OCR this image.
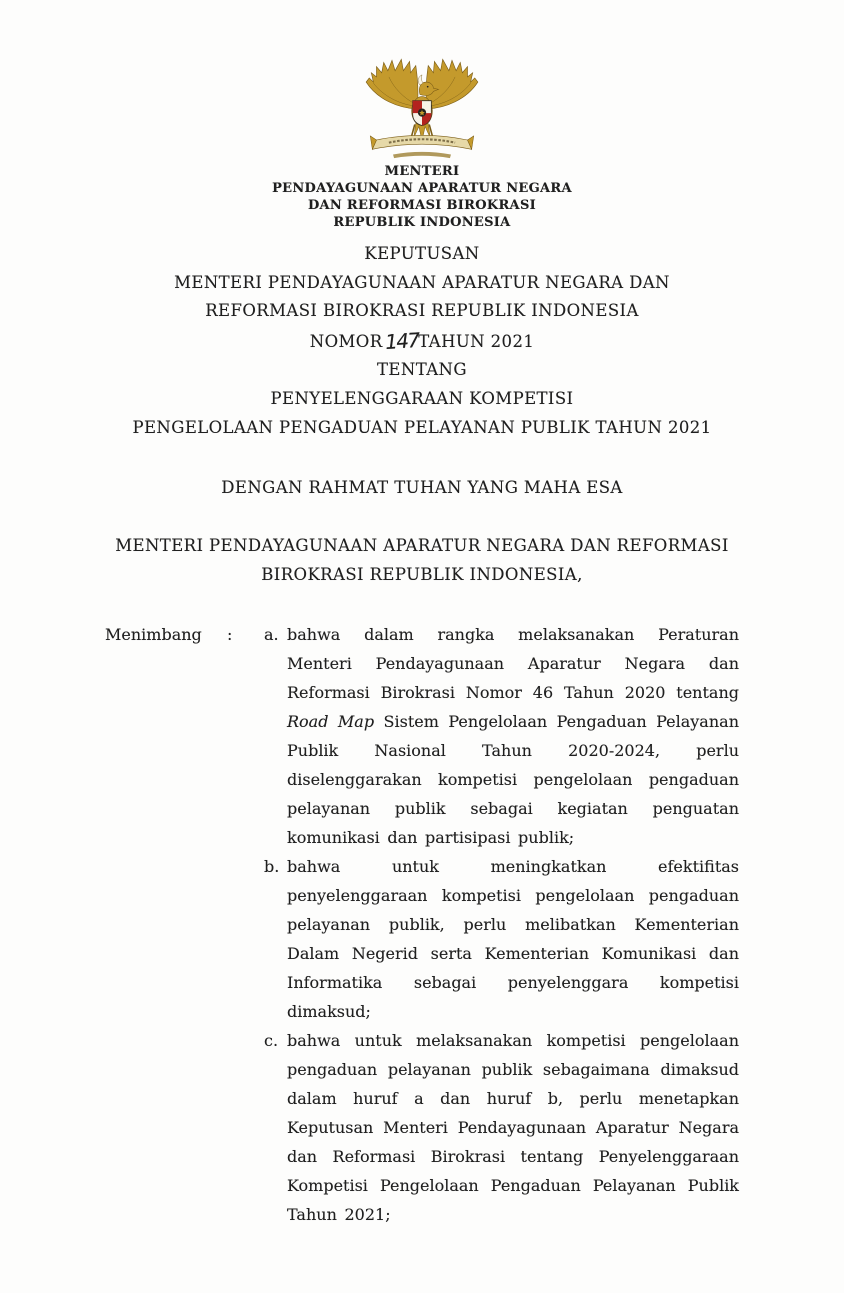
MENTERI
PENDAYAGUNAAN APARATUR NEGARA
DAN REFORMASI BIROKRASI
REPUBLIK INDONESIA
KEPUTUSAN
MENTERI PENDAYAGUNAAN APARATUR NEGARA DAN
REFORMASI BIROKRASI REPUBLIK INDONESIA
NOMOR147TAHUN 2021
TENTANG
PENYELENGGARAAN KOMPETISI
PENGELOLAAN PENGADUAN PELAYANAN PUBLIK TAHUN 2021
DENGAN RAHMAT TUHAN YANG MAHA ESA
MENTERI PENDAYAGUNAAN APARATUR NEGARA DAN REFORMASI
BIROKRASI REPUBLIK INDONESIA,
Menimbang	:	a. bahwa dalam rangka melaksanakan Peraturan Menteri Pendayagunaan Aparatur Negara dan Reformasi Birokrasi Nomor 46 Tahun 2020 tentang Road Map Sistem Pengelolaan Pengaduan Pelayanan Publik Nasional Tahun 2020-2024, perlu diselenggarakan kompetisi pengelolaan pengaduan pelayanan publik sebagai kegiatan penguatan komunikasi dan partisipasi publik;
b. bahwa untuk meningkatkan efektifitas penyelenggaraan kompetisi pengelolaan pengaduan pelayanan publik, perlu melibatkan Kementerian Dalam Negerid serta Kementerian Komunikasi dan Informatika sebagai penyelenggara kompetisi dimaksud;
c. bahwa untuk melaksanakan kompetisi pengelolaan pengaduan pelayanan publik sebagaimana dimaksud dalam huruf a dan huruf b, perlu menetapkan Keputusan Menteri Pendayagunaan Aparatur Negara dan Reformasi Birokrasi tentang Penyelenggaraan Kompetisi Pengelolaan Pengaduan Pelayanan Publik Tahun 2021;
